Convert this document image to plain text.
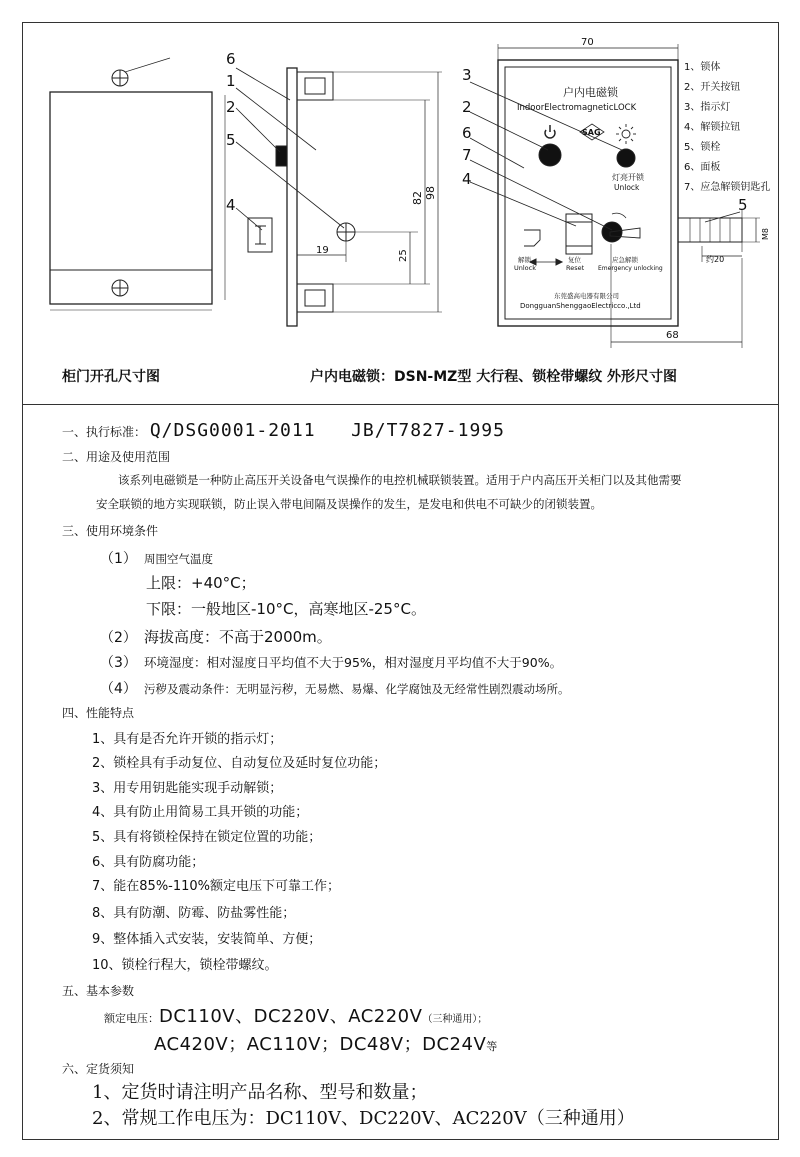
6
1
2
5
4	82 98
19	25
70
3
2
6
7
4
5
户内电磁锁
IndoorElectromagneticLOCK
SAG
灯亮开锁
Unlock
解锁
Unlock
复位
Reset
应急解锁
Emergency unlocking
东莞盛高电器有限公司
DongguanShenggaoElectricco.,Ltd
约20
M8
68
1、锁体
2、开关按钮
3、指示灯
4、解锁拉钮
5、锁栓
6、面板
7、应急解锁钥匙孔
柜门开孔尺寸图	户内电磁锁：DSN-MZ型 大行程、锁栓带螺纹 外形尺寸图
一、执行标准： Q/DSG0001-2011   JB/T7827-1995
二、用途及使用范围
该系列电磁锁是一种防止高压开关设备电气误操作的电控机械联锁装置。适用于户内高压开关柜门以及其他需要
安全联锁的地方实现联锁，防止误入带电间隔及误操作的发生，是发电和供电不可缺少的闭锁装置。
三、使用环境条件
（1） 周围空气温度
上限：+40°C；
下限：一般地区-10°C，高寒地区-25°C。
（2） 海拔高度：不高于2000m。
（3） 环境湿度：相对湿度日平均值不大于95%，相对湿度月平均值不大于90%。
（4） 污秽及震动条件：无明显污秽，无易燃、易爆、化学腐蚀及无经常性剧烈震动场所。
四、性能特点
1、具有是否允许开锁的指示灯；
2、锁栓具有手动复位、自动复位及延时复位功能；
3、用专用钥匙能实现手动解锁；
4、具有防止用简易工具开锁的功能；
5、具有将锁栓保持在锁定位置的功能；
6、具有防腐功能；
7、能在85%-110%额定电压下可靠工作；
8、具有防潮、防霉、防盐雾性能；
9、整体插入式安装，安装简单、方便；
10、锁栓行程大，锁栓带螺纹。
五、基本参数
额定电压：DC110V、DC220V、AC220V（三种通用）；
AC420V；AC110V；DC48V；DC24V等
六、定货须知
1、定货时请注明产品名称、型号和数量；
2、常规工作电压为：DC110V、DC220V、AC220V（三种通用）
